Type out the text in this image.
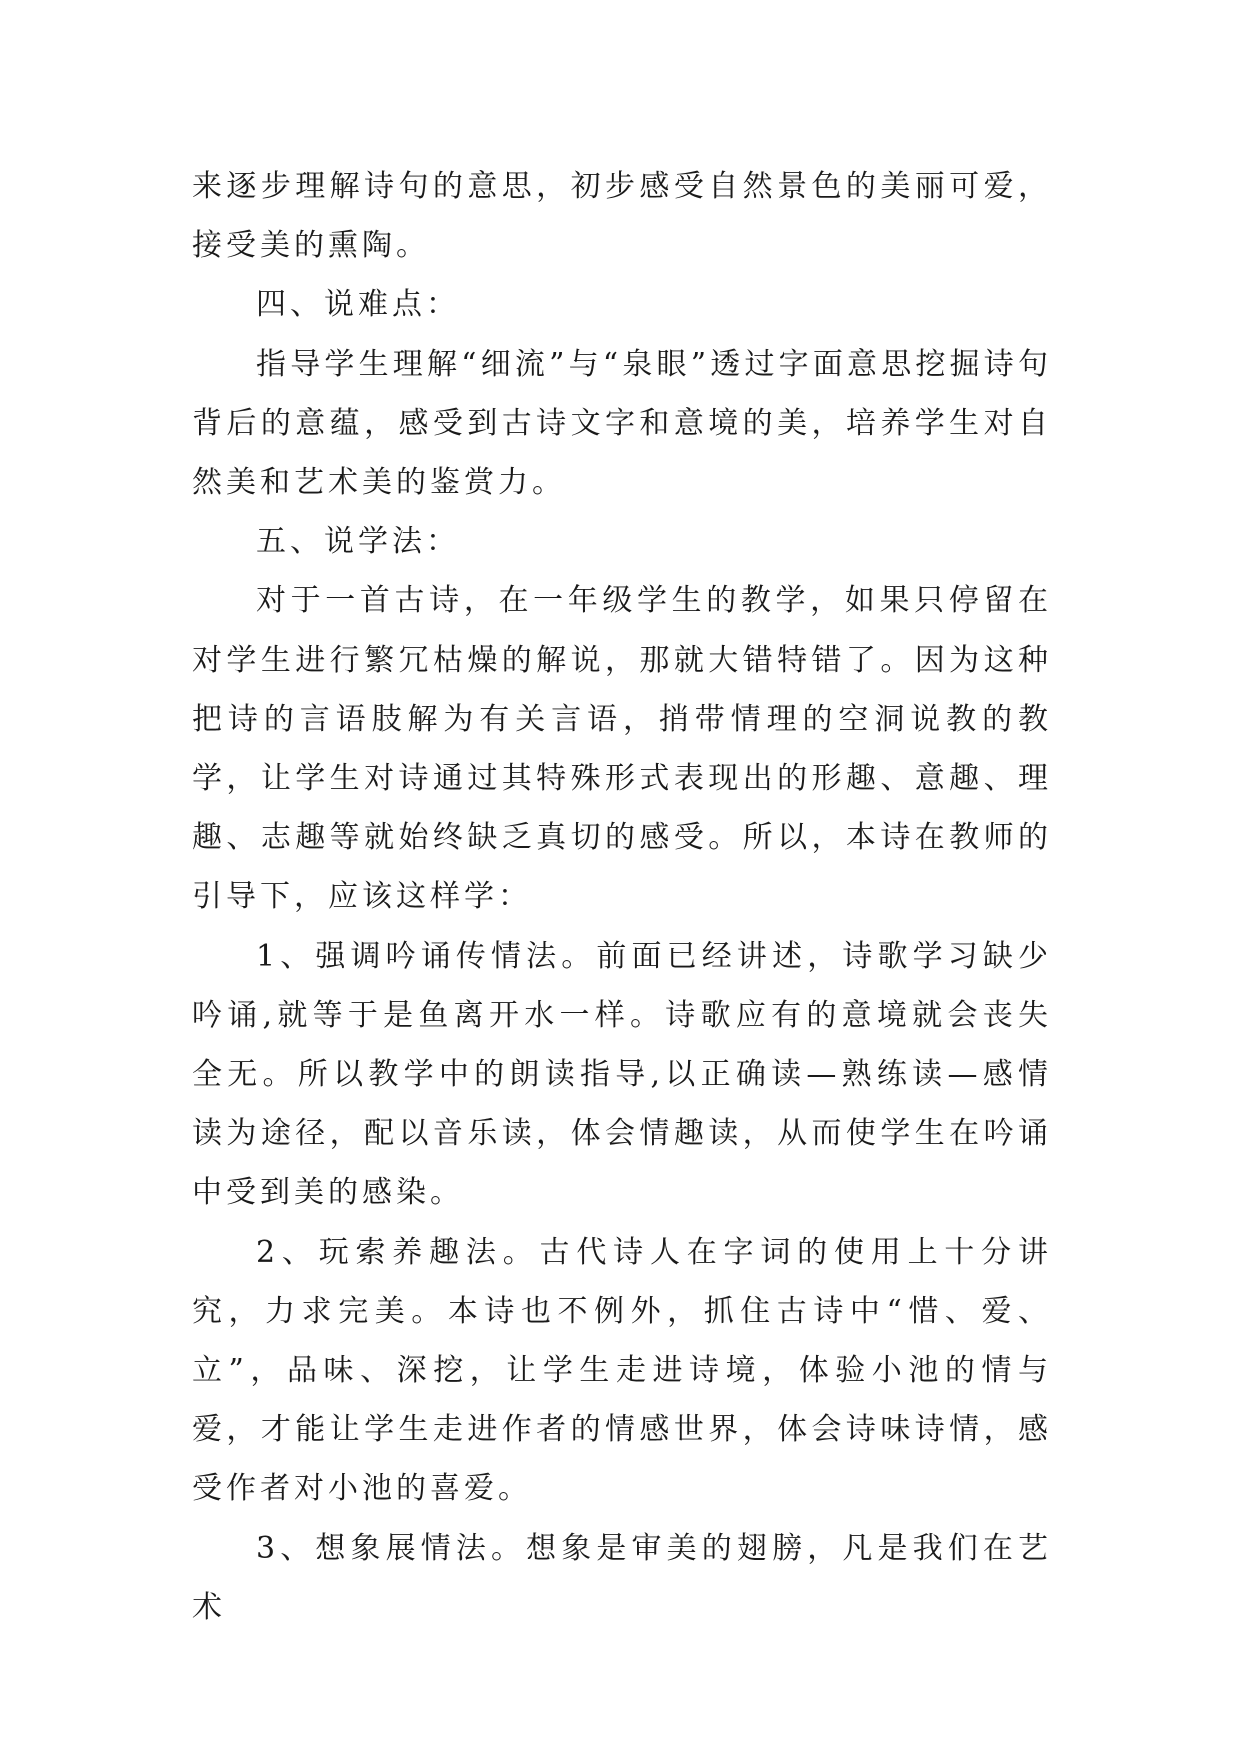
来逐步理解诗句的意思，初步感受自然景色的美丽可爱，接受美的熏陶。

四、说难点：

指导学生理解“细流”与“泉眼”透过字面意思挖掘诗句背后的意蕴，感受到古诗文字和意境的美，培养学生对自然美和艺术美的鉴赏力。

五、说学法：

对于一首古诗，在一年级学生的教学，如果只停留在对学生进行繁冗枯燥的解说，那就大错特错了。因为这种把诗的言语肢解为有关言语，捎带情理的空洞说教的教学，让学生对诗通过其特殊形式表现出的形趣、意趣、理趣、志趣等就始终缺乏真切的感受。所以，本诗在教师的引导下，应该这样学：

1、强调吟诵传情法。前面已经讲述，诗歌学习缺少吟诵,就等于是鱼离开水一样。诗歌应有的意境就会丧失全无。所以教学中的朗读指导,以正确读—熟练读—感情读为途径，配以音乐读，体会情趣读，从而使学生在吟诵中受到美的感染。

2、玩索养趣法。古代诗人在字词的使用上十分讲究，力求完美。本诗也不例外，抓住古诗中“惜、爱、立”，品味、深挖，让学生走进诗境，体验小池的情与爱，才能让学生走进作者的情感世界，体会诗味诗情，感受作者对小池的喜爱。

3、想象展情法。想象是审美的翅膀，凡是我们在艺术
